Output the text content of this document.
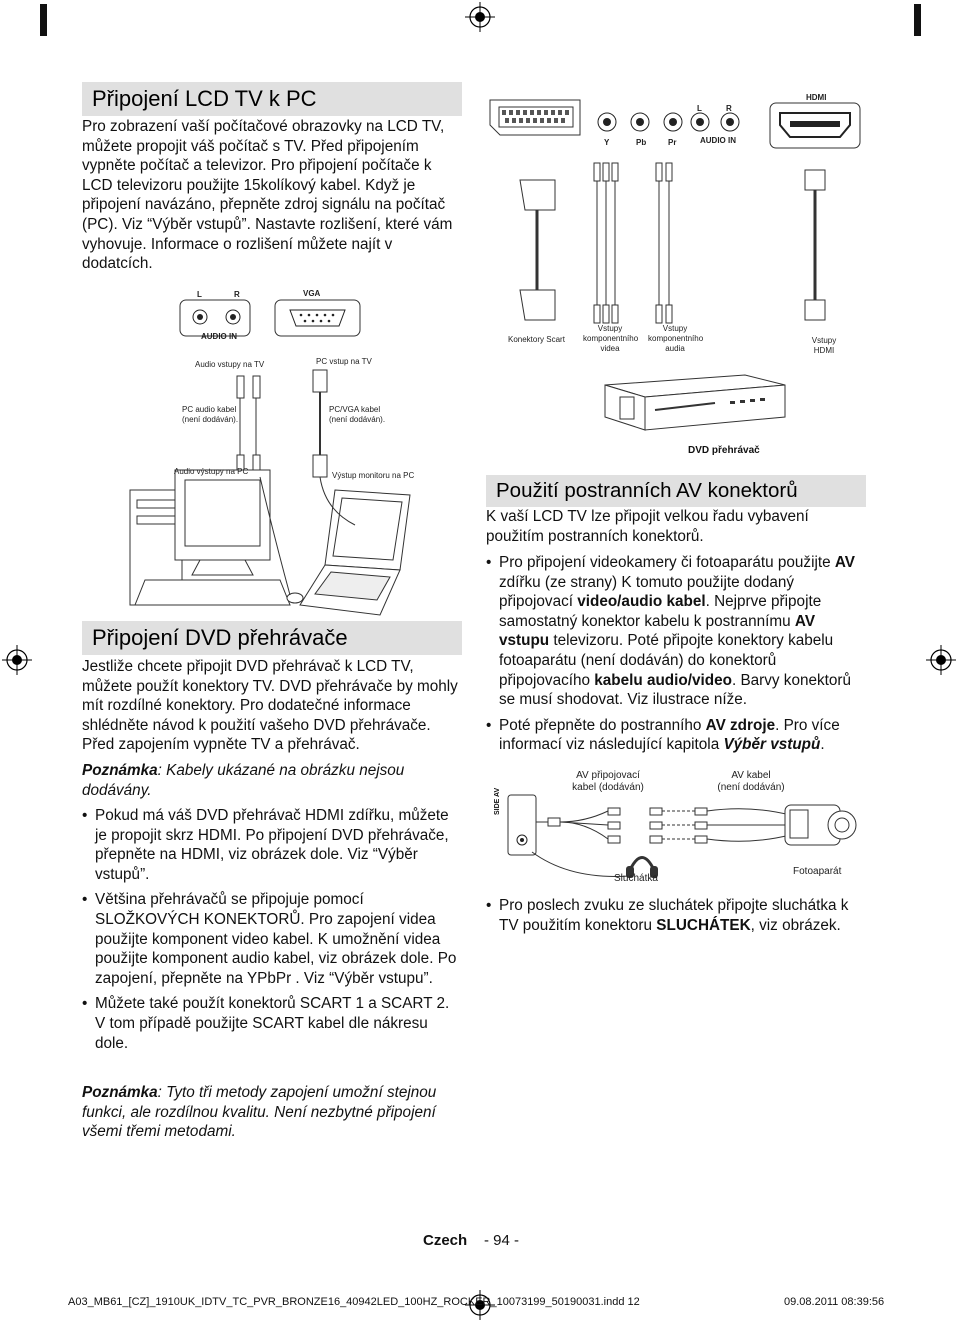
Připojení LCD TV k PC
Pro zobrazení vaší počítačové obrazovky na LCD TV, můžete propojit váš počítač s TV. Před připojením vypněte počítač a televizor. Pro připojení počítače k LCD televizoru použijte 15kolíkový kabel. Když je připojení navázáno, přepněte zdroj signálu na počítač (PC). Viz “Výběr vstupů”. Nastavte rozlišení, které vám vyhovuje. Informace o rozlišení můžete najít v dodatcích.
L	R	VGA
AUDIO IN
Audio vstupy na TV	PC vstup na TV
PC audio kabel
(není dodáván).
PC/VGA kabel
(není dodáván).
Audio výstupy na PC	Výstup monitoru na PC
Y	Pb	Pr
L	R
AUDIO IN
HDMI
Konektory Scart
Vstupy
komponentního
videa
Vstupy
komponentního
audia
Vstupy
HDMI
DVD přehrávač
Připojení DVD přehrávače
Jestliže chcete připojit DVD přehrávač k LCD TV, můžete použít konektory TV. DVD přehrávače by mohly mít rozdílné konektory. Pro dodatečné informace shlédněte návod k použití vašeho DVD přehrávače. Před zapojením vypněte TV a přehrávač.
Poznámka: Kabely ukázané na obrázku nejsou dodávány.
• Pokud má váš DVD přehrávač HDMI zdířku, můžete je propojit skrz HDMI. Po připojení DVD přehrávače, přepněte na HDMI, viz obrázek dole. Viz “Výběr vstupů”.
• Většina přehrávačů se připojuje pomocí SLOŽKOVÝCH KONEKTORŮ. Pro zapojení videa použijte komponent video kabel. K umožnění videa použijte komponent audio kabel, viz obrázek dole. Po zapojení, přepněte na YPbPr . Viz “Výběr vstupu”.
• Můžete také použít konektorů SCART 1 a SCART 2. V tom případě použijte SCART kabel dle nákresu dole.
Poznámka: Tyto tři metody zapojení umožní stejnou funkci, ale rozdílnou kvalitu. Není nezbytné připojení všemi třemi metodami.
Použití postranních AV konektorů
K vaší LCD TV lze připojit velkou řadu vybavení použitím postranních konektorů.
• Pro připojení videokamery či fotoaparátu použijte AV zdířku (ze strany) K tomuto použijte dodaný připojovací video/audio kabel. Nejprve připojte samostatný konektor kabelu k postrannímu AV vstupu televizoru. Poté připojte konektory kabelu fotoaparátu (není dodáván) do konektorů připojovacího kabelu audio/video. Barvy konektorů se musí shodovat. Viz ilustrace níže.
• Poté přepněte do postranního AV zdroje. Pro více informací viz následující kapitola Výběr vstupů.
SIDE AV
AV připojovací
kabel (dodáván)
AV kabel
(není dodáván)
Sluchátka
Fotoaparát
• Pro poslech zvuku ze sluchátek připojte sluchátka k TV použitím konektoru SLUCHÁTEK, viz obrázek.
Czech - 94 -
A03_MB61_[CZ]_1910UK_IDTV_TC_PVR_BRONZE16_40942LED_100HZ_ROCKER_10073199_50190031.indd 12	09.08.2011 08:39:56
